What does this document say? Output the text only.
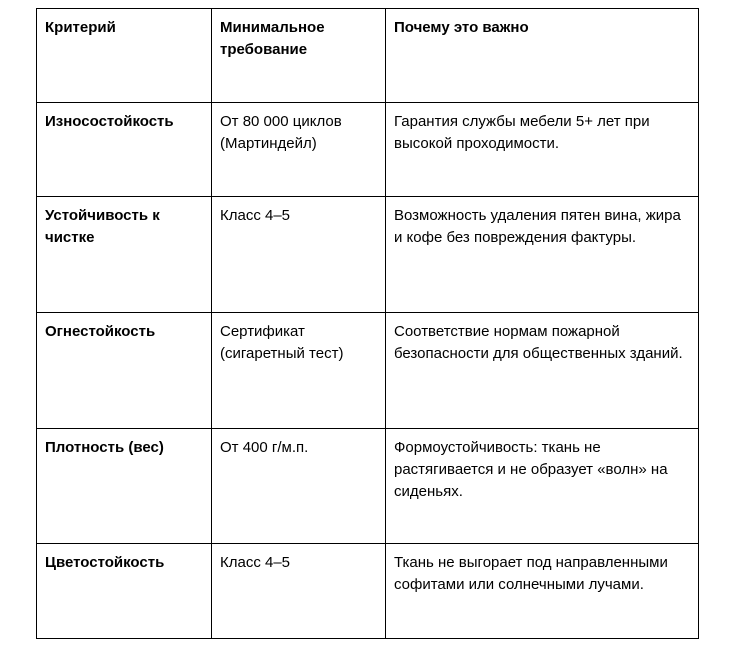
Критерий	Минимальное требование	Почему это важно
Износостойкость	От 80 000 циклов (Мартиндейл)	Гарантия службы мебели 5+ лет при высокой проходимости.
Устойчивость к чистке	Класс 4–5	Возможность удаления пятен вина, жира и кофе без повреждения фактуры.
Огнестойкость	Сертификат (сигаретный тест)	Соответствие нормам пожарной безопасности для общественных зданий.
Плотность (вес)	От 400 г/м.п.	Формоустойчивость: ткань не растягивается и не образует «волн» на сиденьях.
Цветостойкость	Класс 4–5	Ткань не выгорает под направленными софитами или солнечными лучами.
